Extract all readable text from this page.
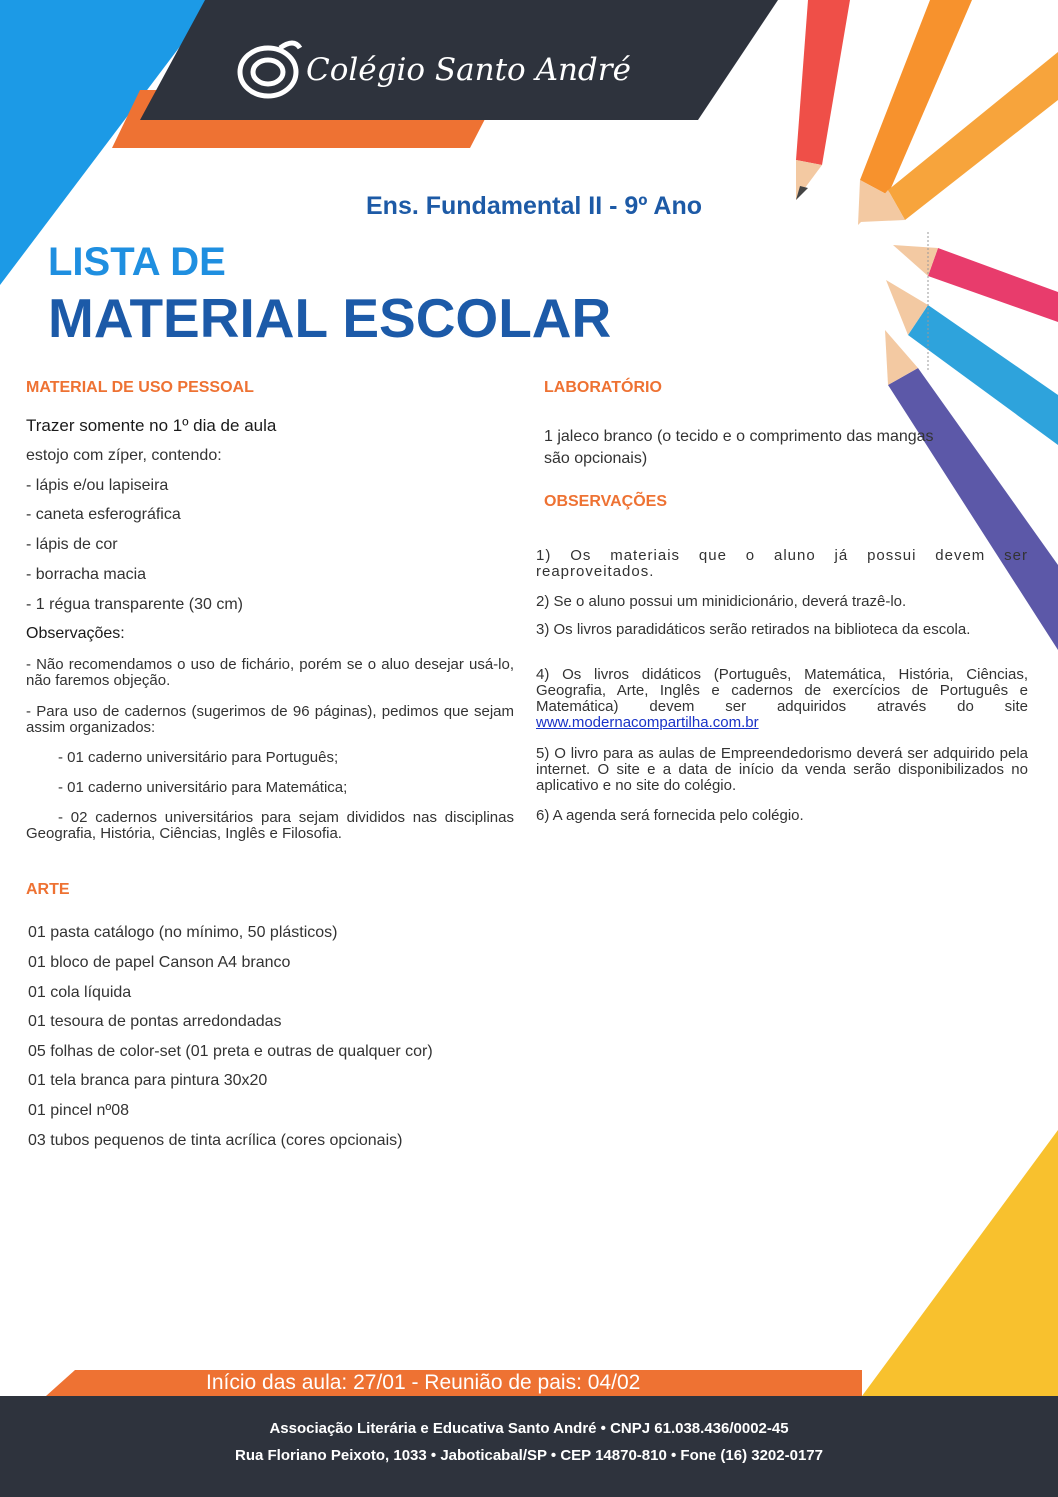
Colégio Santo André
Ens. Fundamental II - 9º Ano
LISTA DE
MATERIAL ESCOLAR
MATERIAL DE USO PESSOAL
Trazer somente no 1º dia de aula
estojo com zíper, contendo:
- lápis e/ou lapiseira
- caneta esferográfica
- lápis de cor
- borracha macia
- 1 régua transparente (30 cm)
Observações:
- Não recomendamos o uso de fichário, porém se o aluo desejar usá-lo, não faremos objeção.
- Para uso de cadernos (sugerimos de 96 páginas), pedimos que sejam assim organizados:
- 01 caderno universitário para Português;
- 01 caderno universitário para Matemática;
- 02 cadernos universitários para sejam divididos nas disciplinas Geografia, História, Ciências, Inglês e Filosofia.
ARTE
01 pasta catálogo (no mínimo, 50 plásticos)
01 bloco de papel Canson A4 branco
01 cola líquida
01 tesoura de pontas arredondadas
05 folhas de color-set (01 preta e outras de qualquer cor)
01 tela branca para pintura 30x20
01 pincel nº08
03 tubos pequenos de tinta acrílica (cores opcionais)
LABORATÓRIO
1 jaleco branco (o tecido e o comprimento das mangas são opcionais)
OBSERVAÇÕES
1) Os materiais que o aluno já possui devem ser reaproveitados.
2) Se o aluno possui um minidicionário, deverá trazê-lo.
3) Os livros paradidáticos serão retirados na biblioteca da escola.
4) Os livros didáticos (Português, Matemática, História, Ciências, Geografia, Arte, Inglês e cadernos de exercícios de Português e Matemática) devem ser adquiridos através do site www.modernacompartilha.com.br
5) O livro para as aulas de Empreendedorismo deverá ser adquirido pela internet. O site e a data de início da venda serão disponibilizados no aplicativo e no site do colégio.
6) A agenda será fornecida pelo colégio.
Início das aula: 27/01 - Reunião de pais: 04/02
Associação Literária e Educativa Santo André • CNPJ 61.038.436/0002-45
Rua Floriano Peixoto, 1033 • Jaboticabal/SP • CEP 14870-810 • Fone (16) 3202-0177
